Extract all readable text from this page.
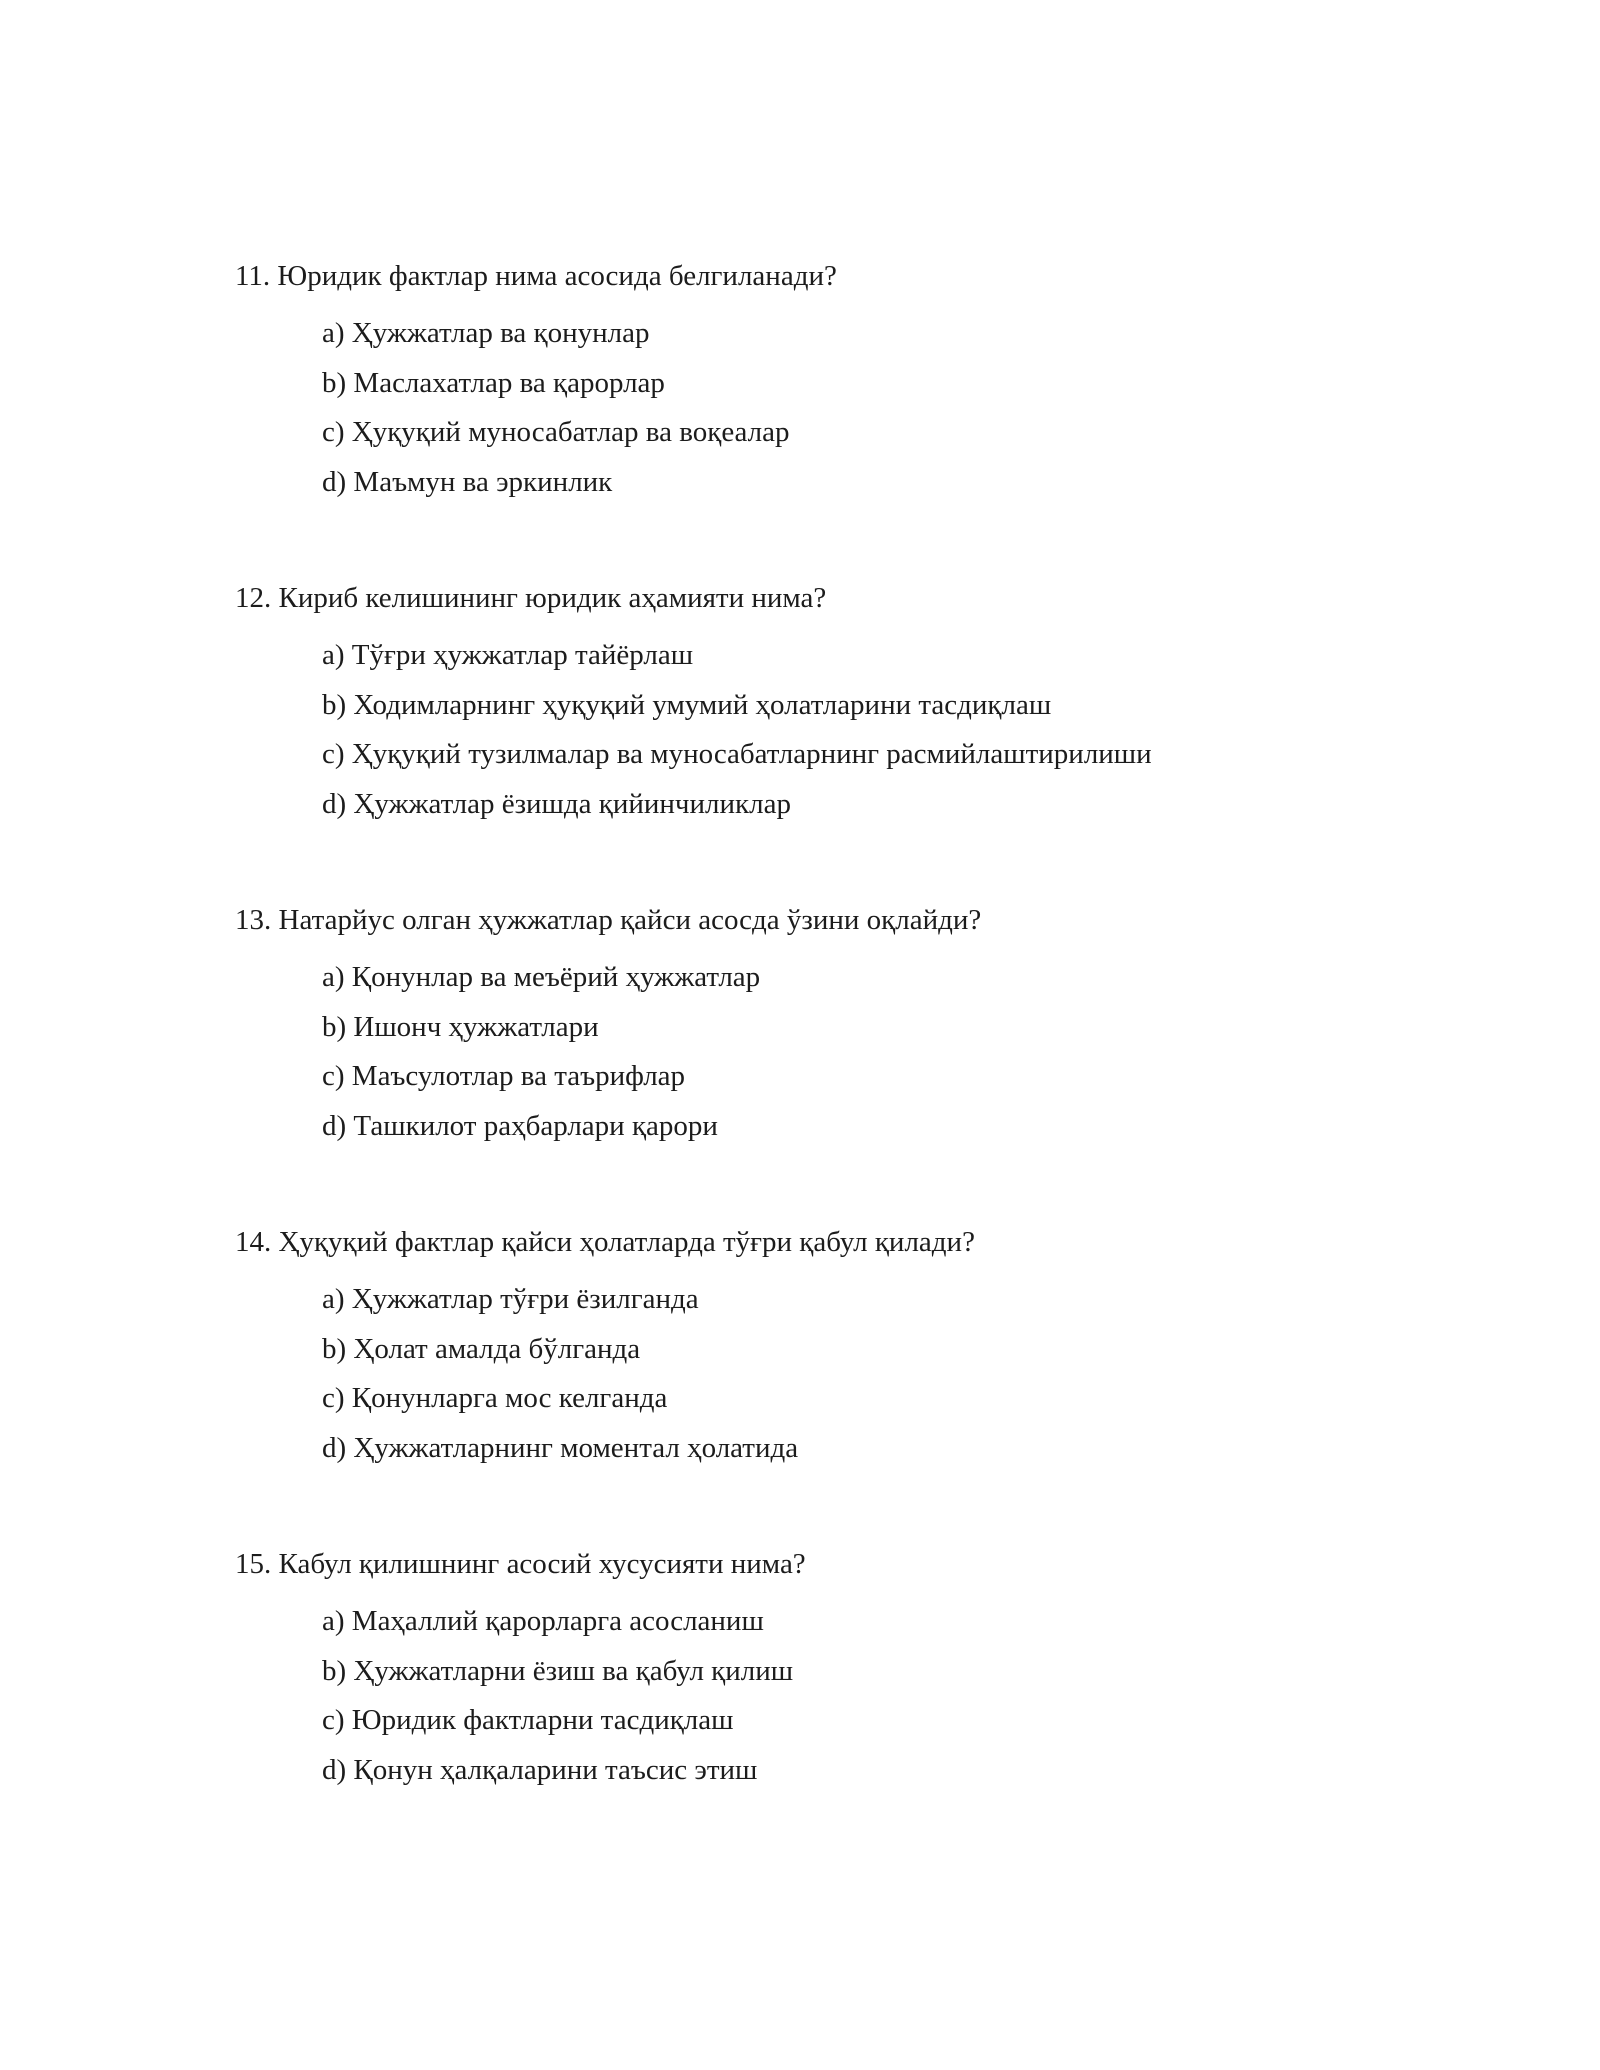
11. Юридик фактлар нима асосида белгиланади?

a) Ҳужжатлар ва қонунлар
b) Маслахатлар ва қарорлар
c) Ҳуқуқий муносабатлар ва воқеалар
d) Маъмун ва эркинлик

12. Кириб келишининг юридик аҳамияти нима?

a) Тўғри ҳужжатлар тайёрлаш
b) Ходимларнинг ҳуқуқий умумий ҳолатларини тасдиқлаш
c) Ҳуқуқий тузилмалар ва муносабатларнинг расмийлаштирилиши
d) Ҳужжатлар ёзишда қийинчиликлар

13. Натарйус олган ҳужжатлар қайси асосда ўзини оқлайди?

a) Қонунлар ва меъёрий ҳужжатлар
b) Ишонч ҳужжатлари
c) Маъсулотлар ва таърифлар
d) Ташкилот раҳбарлари қарори

14. Ҳуқуқий фактлар қайси ҳолатларда тўғри қабул қилади?

a) Ҳужжатлар тўғри ёзилганда
b) Ҳолат амалда бўлганда
c) Қонунларга мос келганда
d) Ҳужжатларнинг моментал ҳолатида

15. Кабул қилишнинг асосий хусусияти нима?

a) Маҳаллий қарорларга асосланиш
b) Ҳужжатларни ёзиш ва қабул қилиш
c) Юридик фактларни тасдиқлаш
d) Қонун ҳалқаларини таъсис этиш
